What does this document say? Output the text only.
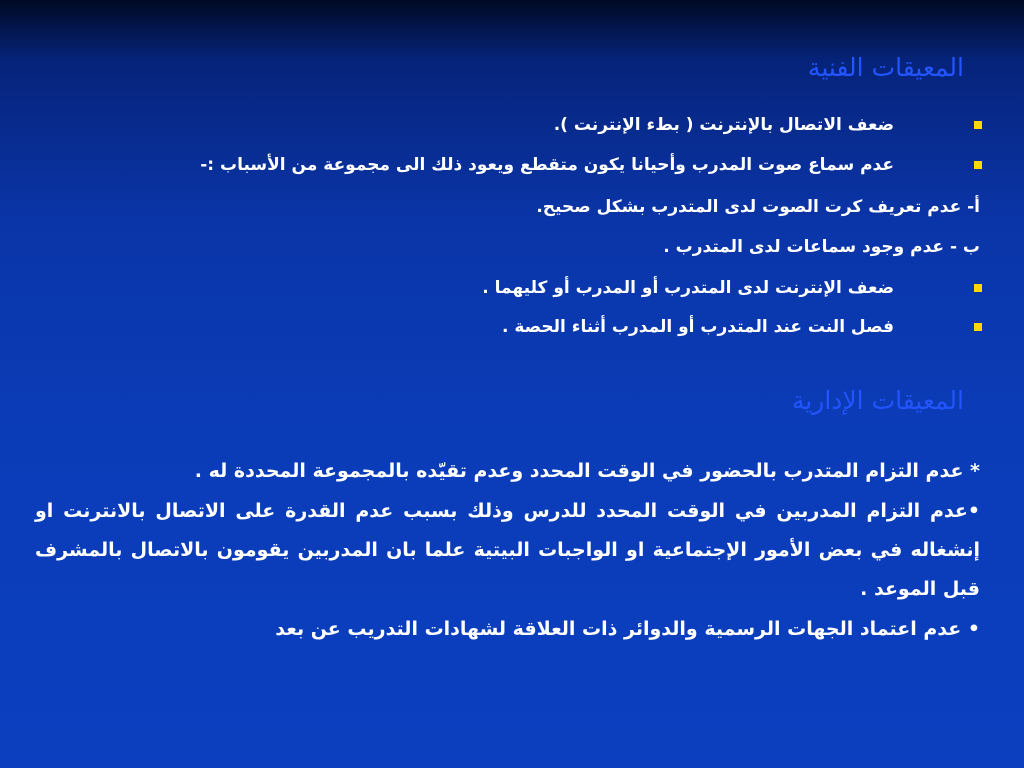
المعيقات الفنية
ضعف الاتصال بالإنترنت ( بطء الإنترنت ).
عدم سماع صوت المدرب وأحيانا يكون متقطع ويعود ذلك الى مجموعة من الأسباب :-
أ- عدم تعريف كرت الصوت لدى المتدرب بشكل صحيح.
ب - عدم وجود سماعات لدى المتدرب .
ضعف الإنترنت لدى المتدرب أو المدرب أو كليهما .
فصل النت عند المتدرب أو المدرب أثناء الحصة .
المعيقات الإدارية

* عدم التزام المتدرب بالحضور في الوقت المحدد وعدم تقيّده بالمجموعة المحددة له .

•عدم التزام المدربين في الوقت المحدد للدرس وذلك بسبب عدم القدرة على الاتصال بالانترنت او إنشغاله في بعض الأمور الإجتماعية او الواجبات البيتية علما بان المدربين يقومون بالاتصال بالمشرف قبل الموعد .

• عدم اعتماد الجهات الرسمية والدوائر ذات العلاقة لشهادات التدريب عن بعد
